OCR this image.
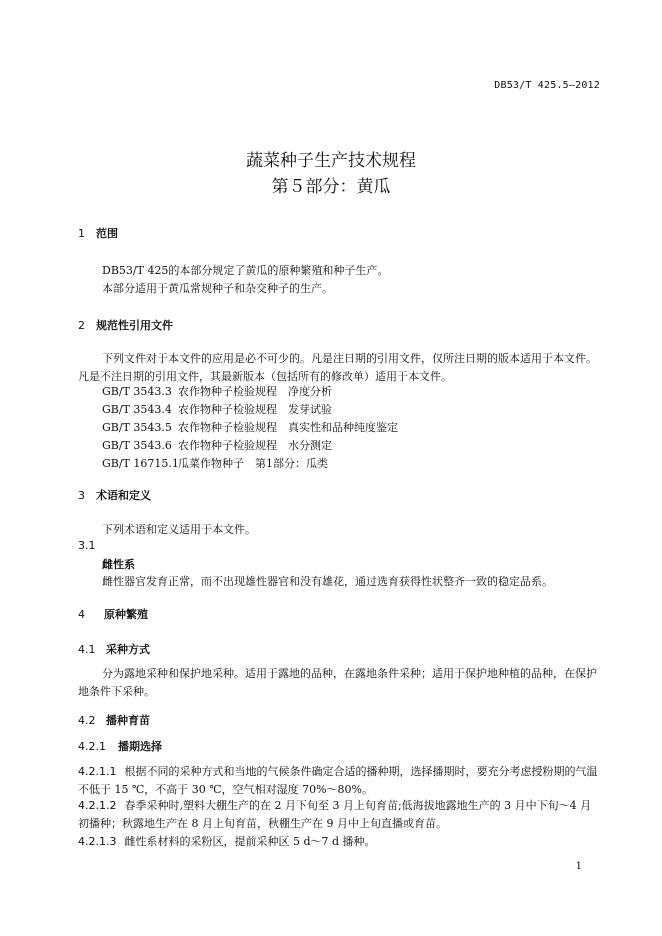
DB53/T 425.5—2012
蔬菜种子生产技术规程
第５部分：黄瓜
1 范围
DB53/T 425的本部分规定了黄瓜的原种繁殖和种子生产。
本部分适用于黄瓜常规种子和杂交种子的生产。
2 规范性引用文件
下列文件对于本文件的应用是必不可少的。凡是注日期的引用文件，仅所注日期的版本适用于本文件。凡是不注日期的引用文件，其最新版本（包括所有的修改单）适用于本文件。
GB/T 3543.3 农作物种子检验规程　净度分析
GB/T 3543.4 农作物种子检验规程　发芽试验
GB/T 3543.5 农作物种子检验规程　真实性和品种纯度鉴定
GB/T 3543.6 农作物种子检验规程　水分测定
GB/T 16715.1瓜菜作物种子　第1部分：瓜类
3 术语和定义
下列术语和定义适用于本文件。
3.1
雌性系
雌性器官发育正常，而不出现雄性器官和没有雄花，通过选育获得性状整齐一致的稳定品系。
4 原种繁殖
4.1 采种方式
分为露地采种和保护地采种。适用于露地的品种，在露地条件采种；适用于保护地种植的品种，在保护地条件下采种。
4.2 播种育苗
4.2.1 播期选择
4.2.1.1 根据不同的采种方式和当地的气候条件确定合适的播种期，选择播期时，要充分考虑授粉期的气温不低于 15 ℃，不高于 30 ℃，空气相对湿度 70%～80%。
4.2.1.2 春季采种时,塑料大棚生产的在 2 月下旬至 3 月上旬育苗;低海拔地露地生产的 3 月中下旬～4 月初播种；秋露地生产在 8 月上旬育苗，秋棚生产在 9 月中上旬直播或育苗。
4.2.1.3 雌性系材料的采粉区，提前采种区 5 d～7 d 播种。
1
